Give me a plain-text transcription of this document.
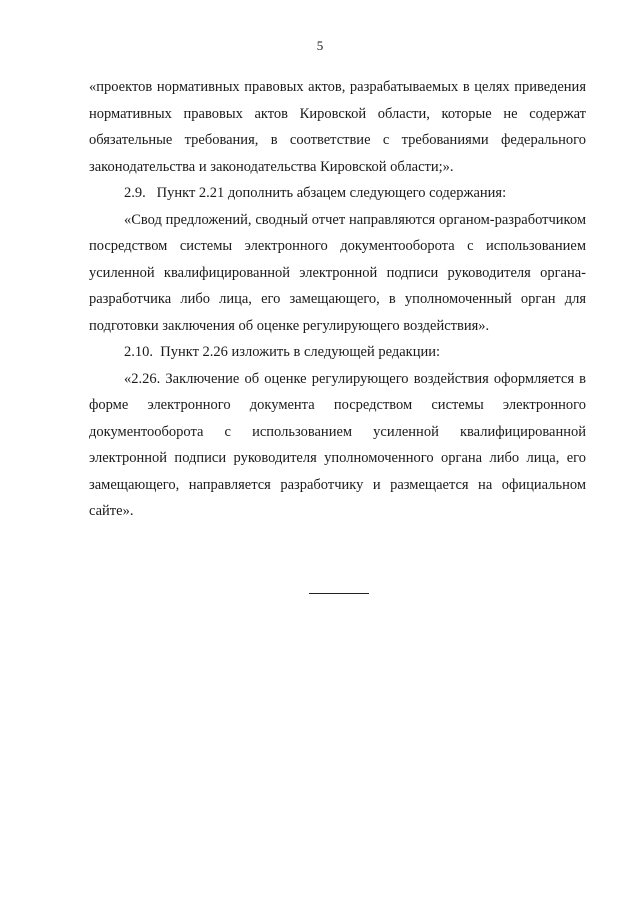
5

«проектов нормативных правовых актов, разрабатываемых в целях приведения нормативных правовых актов Кировской области, которые не содержат обязательные требования, в соответствие с требованиями федерального законодательства и законодательства Кировской области;».

2.9.   Пункт 2.21 дополнить абзацем следующего содержания:

«Свод предложений, сводный отчет направляются органом-разработчиком посредством системы электронного документооборота с использованием усиленной квалифицированной электронной подписи руководителя органа-разработчика либо лица, его замещающего, в уполномоченный орган для подготовки заключения об оценке регулирующего воздействия».

2.10.  Пункт 2.26 изложить в следующей редакции:

«2.26. Заключение об оценке регулирующего воздействия оформляется в форме электронного документа посредством системы электронного документооборота с использованием усиленной квалифицированной электронной подписи руководителя уполномоченного органа либо лица, его замещающего, направляется разработчику и размещается на официальном сайте».
